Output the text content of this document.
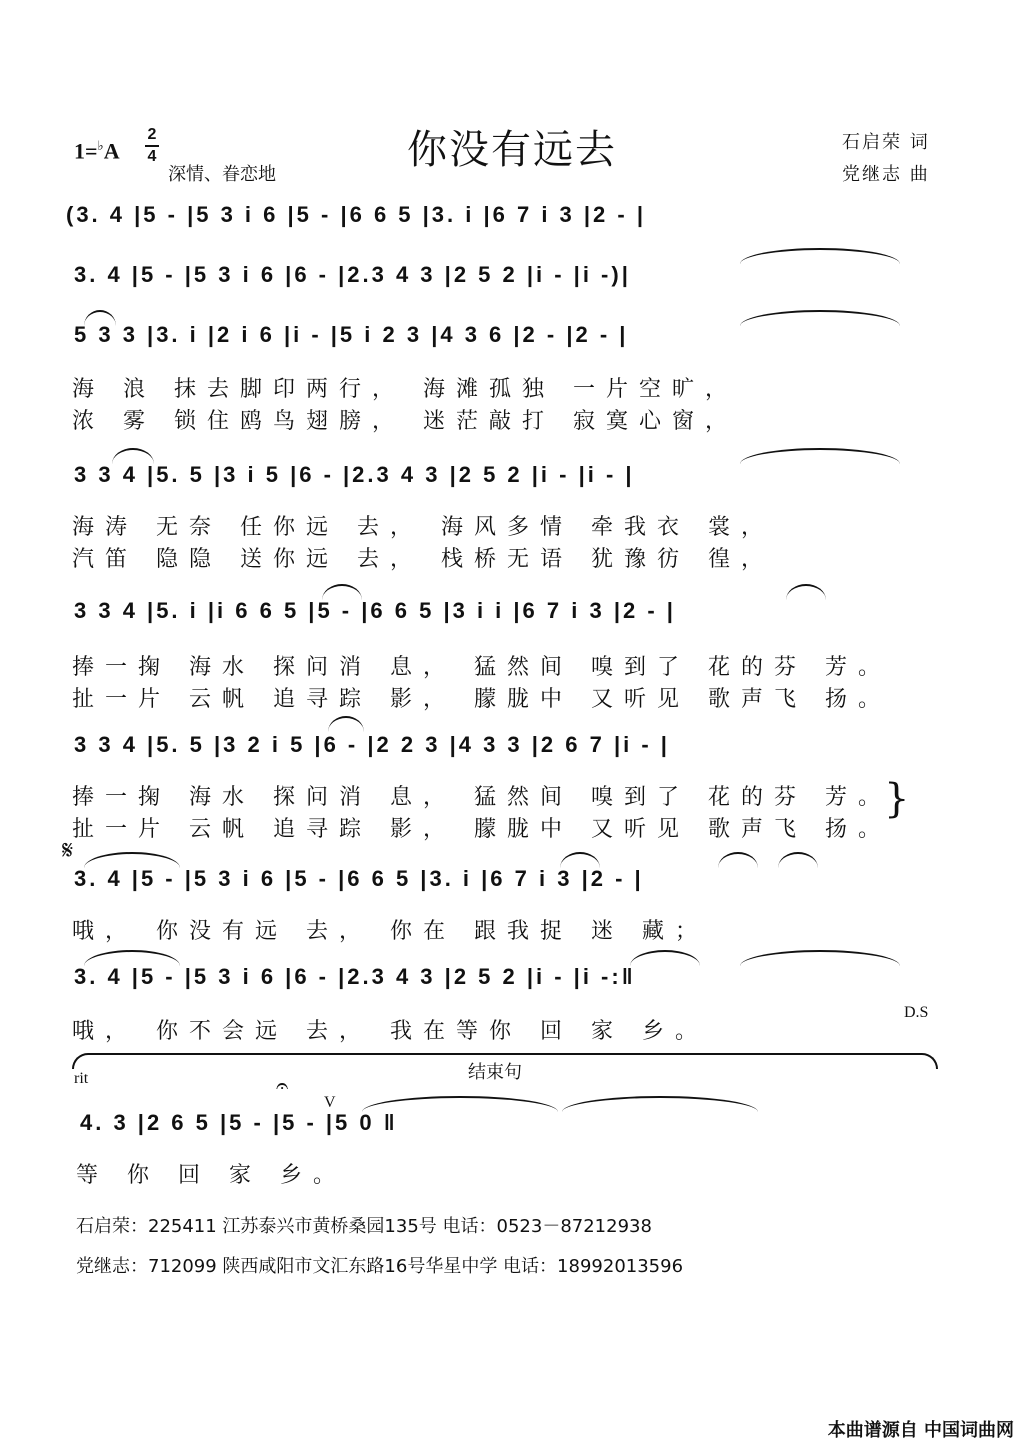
你没有远去
1=♭A
2
4
深情、眷恋地
石启荣 词
党继志 曲
(3. 4 |5 - |5 3 i 6 |5 - |6 6 5 |3. i |6 7 i 3 |2 - |
3. 4 |5 - |5 3 i 6 |6 - |2.3 4 3 |2 5 2 |i - |i -)|
5 3 3 |3. i |2 i 6 |i - |5 i 2 3 |4 3 6 |2 - |2 - |
海 浪 抹去脚印两行， 海滩孤独 一片空旷，
浓 雾 锁住鸥鸟翅膀， 迷茫敲打 寂寞心窗，
3 3 4 |5. 5 |3 i 5 |6 - |2.3 4 3 |2 5 2 |i - |i - |
海涛 无奈 任你远 去， 海风多情 牵我衣 裳，
汽笛 隐隐 送你远 去， 栈桥无语 犹豫彷 徨，
3 3 4 |5. i |i 6 6 5 |5 - |6 6 5 |3 i i |6 7 i 3 |2 - |
捧一掬 海水 探问消 息， 猛然间 嗅到了 花的芬 芳。
扯一片 云帆 追寻踪 影， 朦胧中 又听见 歌声飞 扬。
3 3 4 |5. 5 |3 2 i 5 |6 - |2 2 3 |4 3 3 |2 6 7 |i - |
捧一掬 海水 探问消 息， 猛然间 嗅到了 花的芬 芳。
扯一片 云帆 追寻踪 影， 朦胧中 又听见 歌声飞 扬。
}
𝄋
3. 4 |5 - |5 3 i 6 |5 - |6 6 5 |3. i |6 7 i 3 |2 - |
哦， 你没有远 去， 你在 跟我捉 迷 藏；
3. 4 |5 - |5 3 i 6 |6 - |2.3 4 3 |2 5 2 |i - |i -:‖
哦， 你不会远 去， 我在等你 回 家 乡。
D.S
rit	结束句
𝄐
V
4. 3 |2 6 5 |5 - |5 - |5 0 ‖
等 你 回 家 乡。
石启荣：225411 江苏泰兴市黄桥桑园135号 电话：0523－87212938
党继志：712099 陕西咸阳市文汇东路16号华星中学 电话：18992013596
本曲谱源自 中国词曲网
